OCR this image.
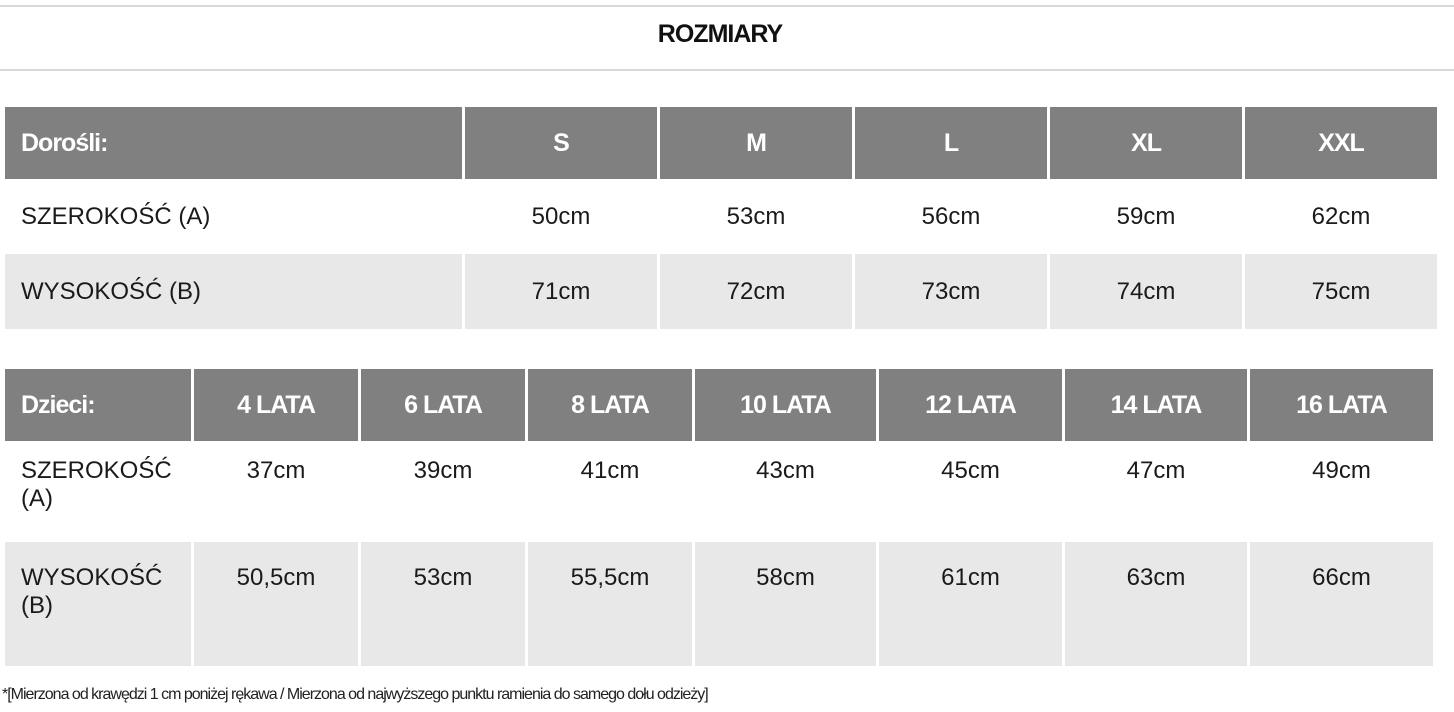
ROZMIARY
Dorośli:	S	M	L	XL	XXL
SZEROKOŚĆ (A)	50cm	53cm	56cm	59cm	62cm
WYSOKOŚĆ (B)	71cm	72cm	73cm	74cm	75cm
Dzieci:	4 LATA	6 LATA	8 LATA	10 LATA	12 LATA	14 LATA	16 LATA
SZEROKOŚĆ (A)	37cm	39cm	41cm	43cm	45cm	47cm	49cm
WYSOKOŚĆ (B)	50,5cm	53cm	55,5cm	58cm	61cm	63cm	66cm
*[Mierzona od krawędzi 1 cm poniżej rękawa / Mierzona od najwyższego punktu ramienia do samego dołu odzieży]
